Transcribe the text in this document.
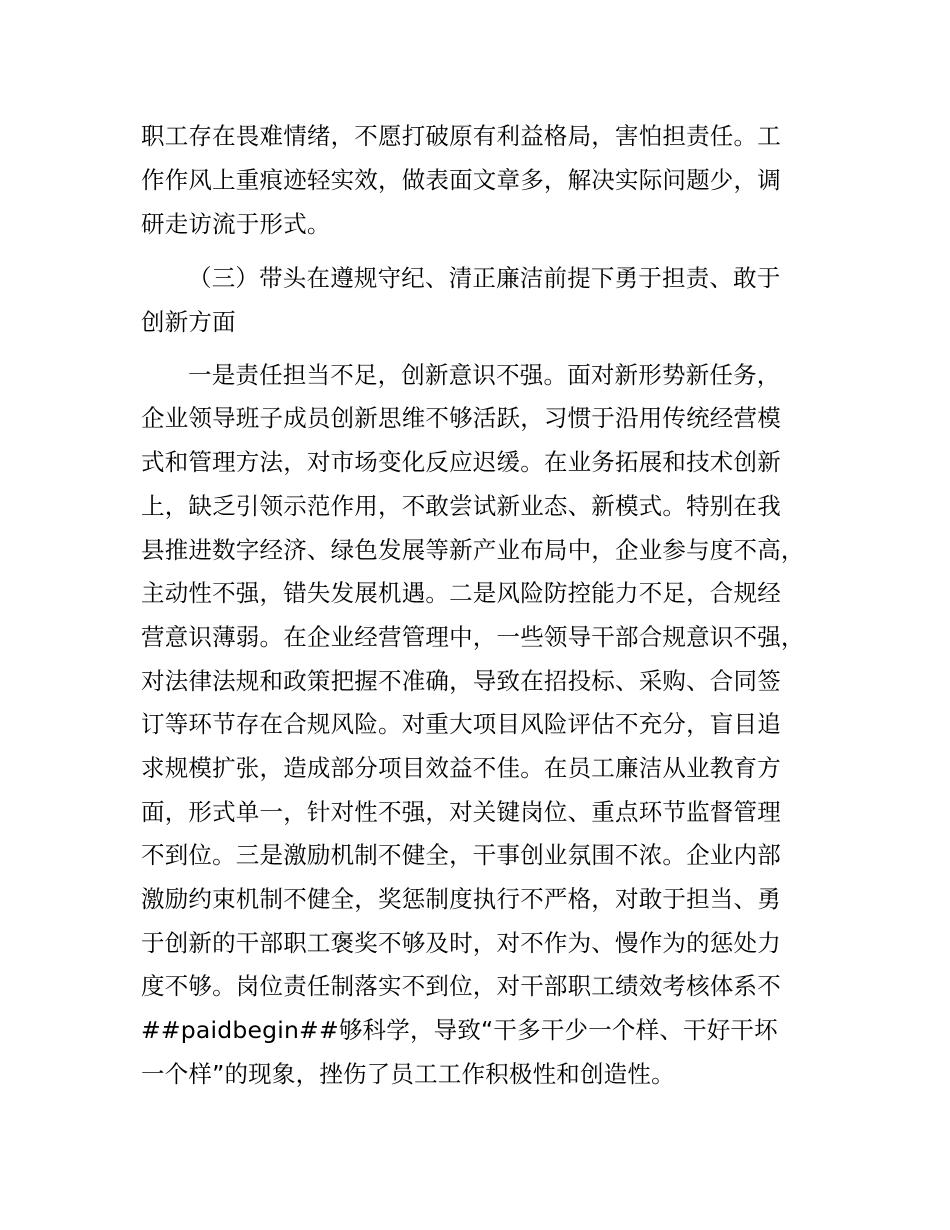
职工存在畏难情绪，不愿打破原有利益格局，害怕担责任。工
作作风上重痕迹轻实效，做表面文章多，解决实际问题少，调
研走访流于形式。
（三）带头在遵规守纪、清正廉洁前提下勇于担责、敢于
创新方面
一是责任担当不足，创新意识不强。面对新形势新任务，
企业领导班子成员创新思维不够活跃，习惯于沿用传统经营模
式和管理方法，对市场变化反应迟缓。在业务拓展和技术创新
上，缺乏引领示范作用，不敢尝试新业态、新模式。特别在我
县推进数字经济、绿色发展等新产业布局中，企业参与度不高，
主动性不强，错失发展机遇。二是风险防控能力不足，合规经
营意识薄弱。在企业经营管理中，一些领导干部合规意识不强，
对法律法规和政策把握不准确，导致在招投标、采购、合同签
订等环节存在合规风险。对重大项目风险评估不充分，盲目追
求规模扩张，造成部分项目效益不佳。在员工廉洁从业教育方
面，形式单一，针对性不强，对关键岗位、重点环节监督管理
不到位。三是激励机制不健全，干事创业氛围不浓。企业内部
激励约束机制不健全，奖惩制度执行不严格，对敢于担当、勇
于创新的干部职工褒奖不够及时，对不作为、慢作为的惩处力
度不够。岗位责任制落实不到位，对干部职工绩效考核体系不
##paidbegin##够科学，导致“干多干少一个样、干好干坏
一个样”的现象，挫伤了员工工作积极性和创造性。
